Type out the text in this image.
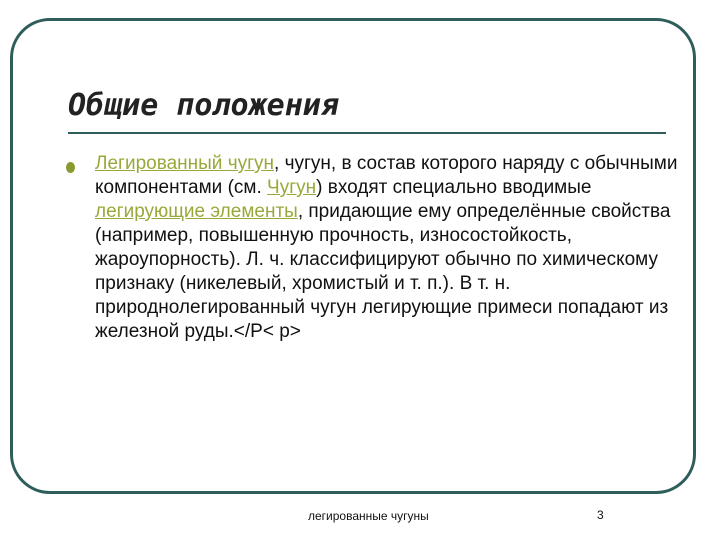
Общие положения

Легированный чугун, чугун, в состав которого наряду с обычными компонентами (см. Чугун) входят специально вводимые легирующие элементы, придающие ему определённые свойства (например, повышенную прочность, износостойкость, жароупорность). Л. ч. классифицируют обычно по химическому признаку (никелевый, хромистый и т. п.). В т. н. природнолегированный чугун легирующие примеси попадают из железной руды.</P< p>

легированные чугуны	3
